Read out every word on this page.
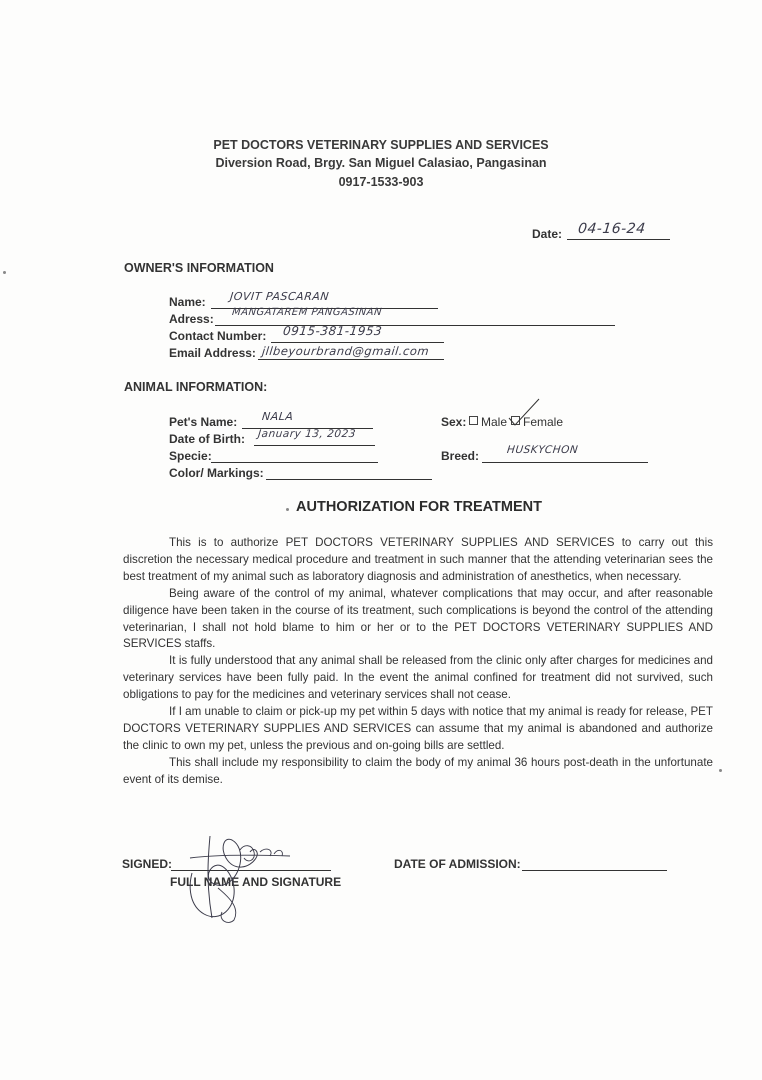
PET DOCTORS VETERINARY SUPPLIES AND SERVICES
Diversion Road, Brgy. San Miguel Calasiao, Pangasinan
0917-1533-903
Date: 04-16-24
OWNER'S INFORMATION
Name: JOVIT PASCARAN
Adress: MANGATAREM PANGASINAN
Contact Number: 0915-381-1953
Email Address: jllbeyourbrand@gmail.com
ANIMAL INFORMATION:
Pet's Name: NALA
Date of Birth: January 13, 2023
Specie:
Color/ Markings:
Sex:	Male	Female
Breed:	HUSKYCHON
AUTHORIZATION FOR TREATMENT

This is to authorize PET DOCTORS VETERINARY SUPPLIES AND SERVICES to carry out this discretion the necessary medical procedure and treatment in such manner that the attending veterinarian sees the best treatment of my animal such as laboratory diagnosis and administration of anesthetics, when necessary.

Being aware of the control of my animal, whatever complications that may occur, and after reasonable diligence have been taken in the course of its treatment, such complications is beyond the control of the attending veterinarian, I shall not hold blame to him or her or to the PET DOCTORS VETERINARY SUPPLIES AND SERVICES staffs.

It is fully understood that any animal shall be released from the clinic only after charges for medicines and veterinary services have been fully paid. In the event the animal confined for treatment did not survived, such obligations to pay for the medicines and veterinary services shall not cease.

If I am unable to claim or pick-up my pet within 5 days with notice that my animal is ready for release, PET DOCTORS VETERINARY SUPPLIES AND SERVICES can assume that my animal is abandoned and authorize the clinic to own my pet, unless the previous and on-going bills are settled.

This shall include my responsibility to claim the body of my animal 36 hours post-death in the unfortunate event of its demise.

SIGNED:
FULL NAME AND SIGNATURE
DATE OF ADMISSION:
